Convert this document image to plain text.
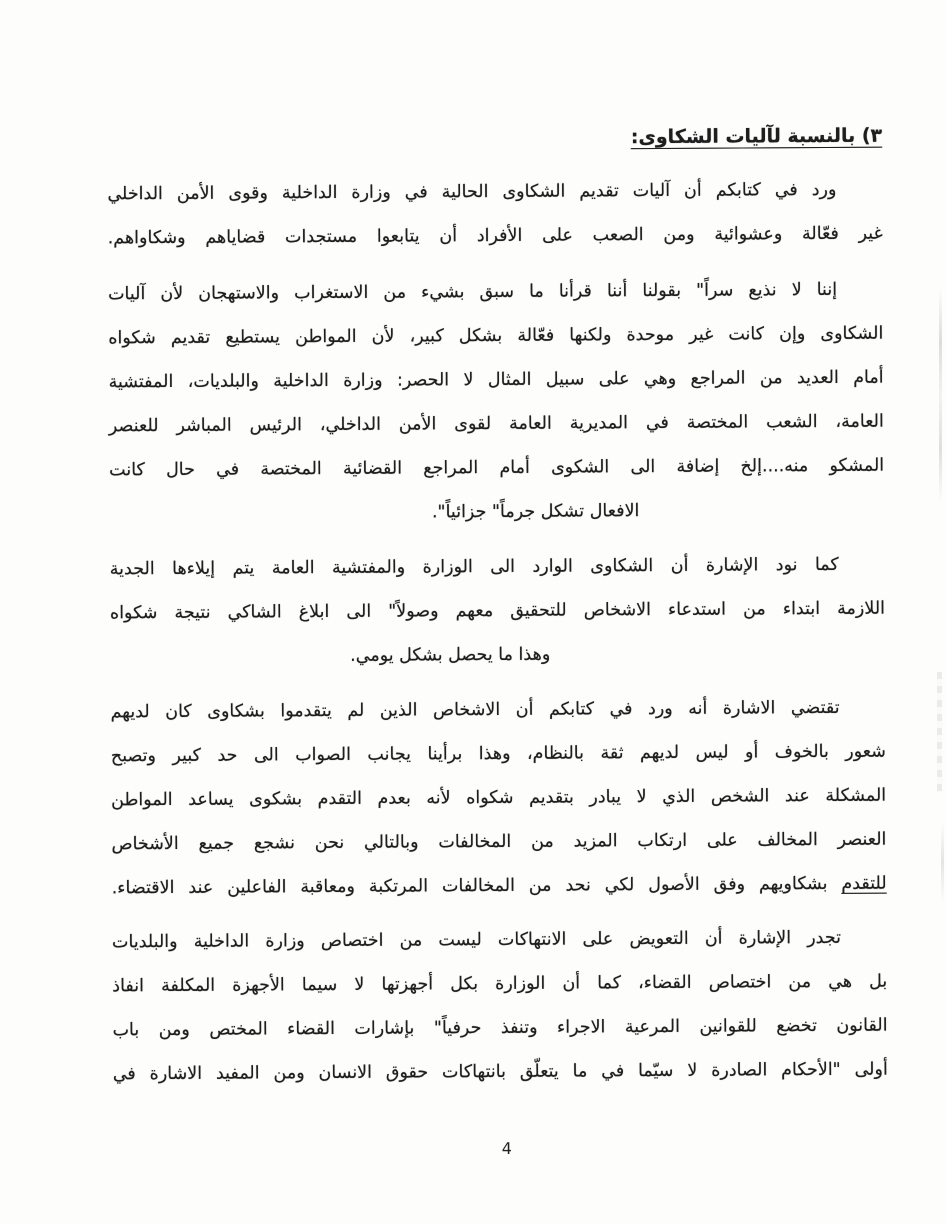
٣) بالنسبة لآليات الشكاوى:
ورد في كتابكم أن آليات تقديم الشكاوى الحالية في وزارة الداخلية وقوى الأمن الداخلي
غير فعّالة وعشوائية ومن الصعب على الأفراد أن يتابعوا مستجدات قضاياهم وشكاواهم.
إننا لا نذيع سراً" بقولنا أننا قرأنا ما سبق بشيء من الاستغراب والاستهجان لأن آليات
الشكاوى وإن كانت غير موحدة ولكنها فعّالة بشكل كبير، لأن المواطن يستطيع تقديم شكواه
أمام العديد من المراجع وهي على سبيل المثال لا الحصر: وزارة الداخلية والبلديات، المفتشية
العامة، الشعب المختصة في المديرية العامة لقوى الأمن الداخلي، الرئيس المباشر للعنصر
المشكو منه....إلخ إضافة الى الشكوى أمام المراجع القضائية المختصة في حال كانت
الافعال تشكل جرماً" جزائياً".
كما نود الإشارة أن الشكاوى الوارد الى الوزارة والمفتشية العامة يتم إيلاءها الجدية
اللازمة ابتداء من استدعاء الاشخاص للتحقيق معهم وصولاً" الى ابلاغ الشاكي نتيجة شكواه
وهذا ما يحصل بشكل يومي.
تقتضي الاشارة أنه ورد في كتابكم أن الاشخاص الذين لم يتقدموا بشكاوى كان لديهم
شعور بالخوف أو ليس لديهم ثقة بالنظام، وهذا برأينا يجانب الصواب الى حد كبير وتصبح
المشكلة عند الشخص الذي لا يبادر بتقديم شكواه لأنه بعدم التقدم بشكوى يساعد المواطن
العنصر المخالف على ارتكاب المزيد من المخالفات وبالتالي نحن نشجع جميع الأشخاص
للتقدم بشكاويهم وفق الأصول لكي نحد من المخالفات المرتكبة ومعاقبة الفاعلين عند الاقتضاء.
تجدر الإشارة أن التعويض على الانتهاكات ليست من اختصاص وزارة الداخلية والبلديات
بل هي من اختصاص القضاء، كما أن الوزارة بكل أجهزتها لا سيما الأجهزة المكلفة انفاذ
القانون تخضع للقوانين المرعية الاجراء وتنفذ حرفياً" بإشارات القضاء المختص ومن باب
أولى "الأحكام الصادرة لا سيّما في ما يتعلّق بانتهاكات حقوق الانسان ومن المفيد الاشارة في
4
